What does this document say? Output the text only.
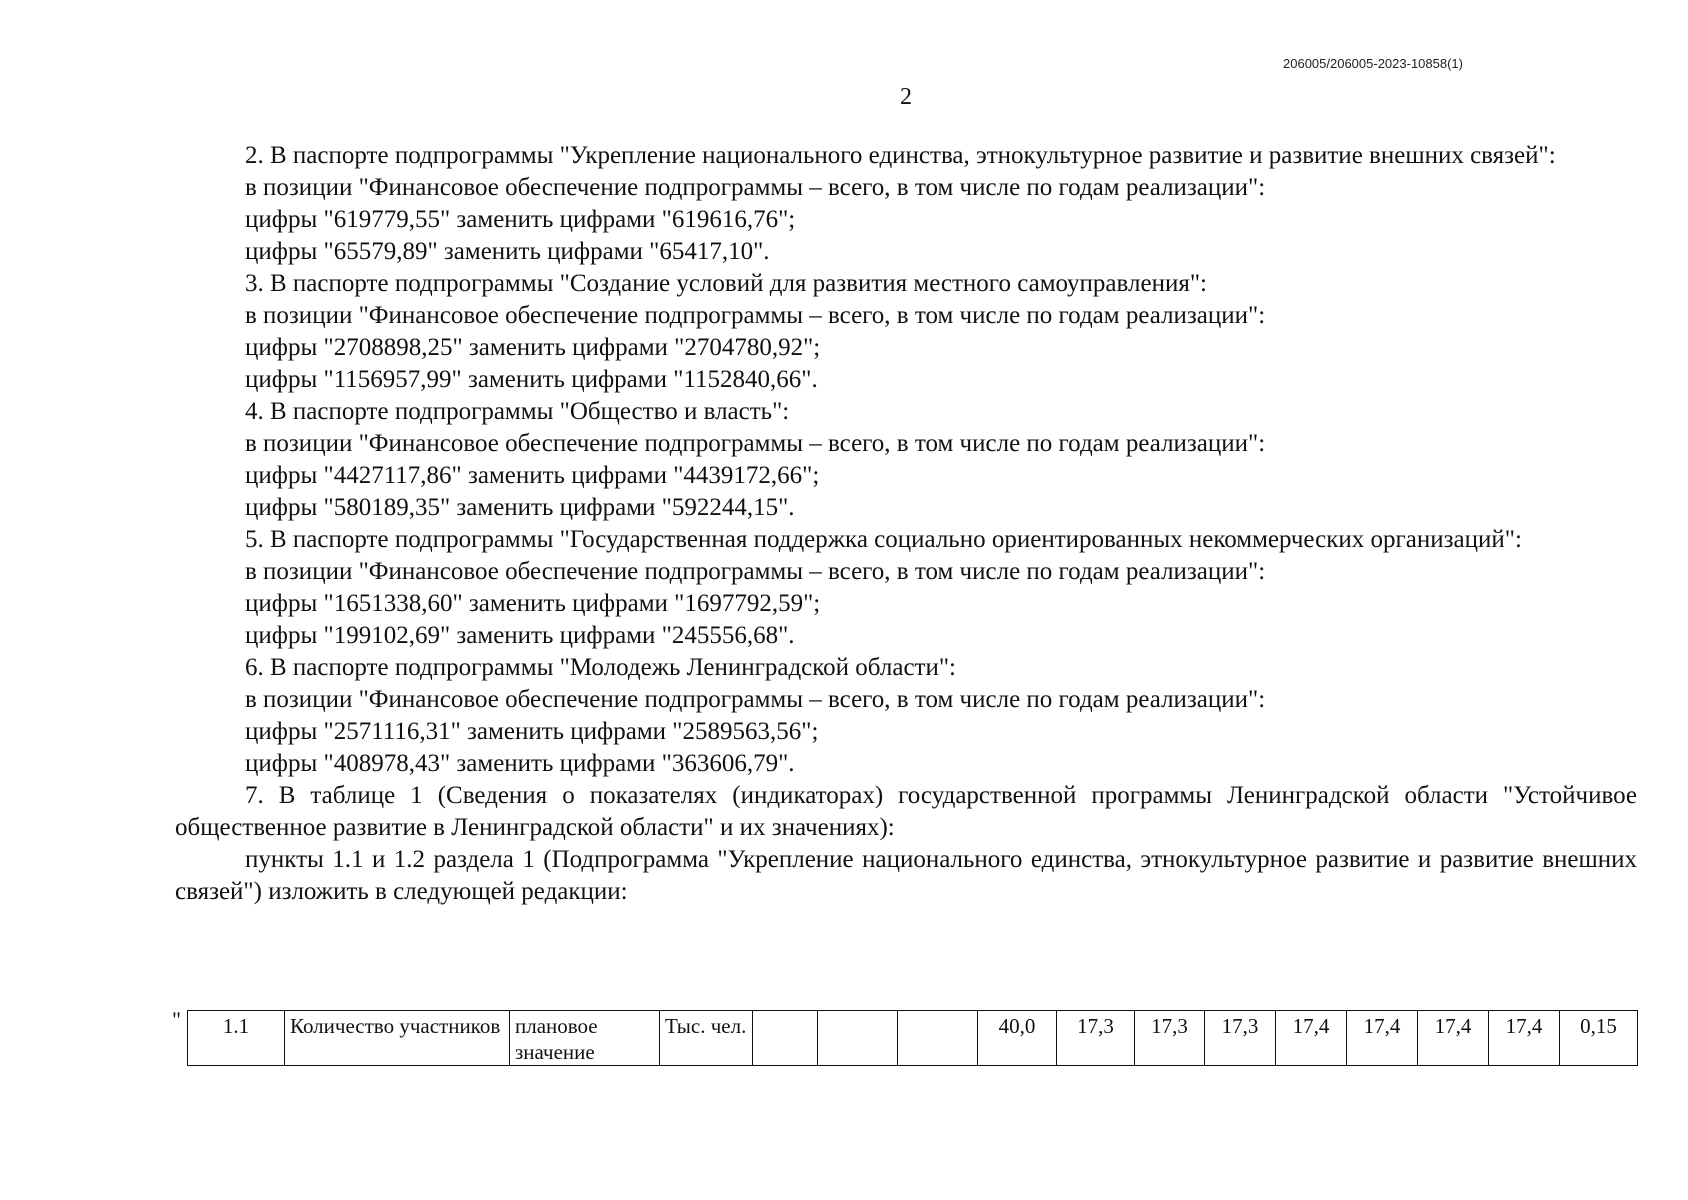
206005/206005-2023-10858(1)
2
2. В паспорте подпрограммы "Укрепление национального единства, этнокультурное развитие и развитие внешних связей":
в позиции "Финансовое обеспечение подпрограммы – всего, в том числе по годам реализации":
цифры "619779,55" заменить цифрами "619616,76";
цифры "65579,89" заменить цифрами "65417,10".
3. В паспорте подпрограммы "Создание условий для развития местного самоуправления":
в позиции "Финансовое обеспечение подпрограммы – всего, в том числе по годам реализации":
цифры "2708898,25" заменить цифрами "2704780,92";
цифры "1156957,99" заменить цифрами "1152840,66".
4. В паспорте подпрограммы "Общество и власть":
в позиции "Финансовое обеспечение подпрограммы – всего, в том числе по годам реализации":
цифры "4427117,86" заменить цифрами "4439172,66";
цифры "580189,35" заменить цифрами "592244,15".
5. В паспорте подпрограммы "Государственная поддержка социально ориентированных некоммерческих организаций":
в позиции "Финансовое обеспечение подпрограммы – всего, в том числе по годам реализации":
цифры "1651338,60" заменить цифрами "1697792,59";
цифры "199102,69" заменить цифрами "245556,68".
6. В паспорте подпрограммы "Молодежь Ленинградской области":
в позиции "Финансовое обеспечение подпрограммы – всего, в том числе по годам реализации":
цифры "2571116,31" заменить цифрами "2589563,56";
цифры "408978,43" заменить цифрами "363606,79".
7. В таблице 1 (Сведения о показателях (индикаторах) государственной программы Ленинградской области "Устойчивое общественное развитие в Ленинградской области" и их значениях):
пункты 1.1 и 1.2 раздела 1 (Подпрограмма "Укрепление национального единства, этнокультурное развитие и развитие внешних связей") изложить в следующей редакции:
" 1.1	Количество участников	плановое значение	Тыс. чел.				40,0	17,3	17,3	17,3	17,4	17,4	17,4	17,4	0,15
